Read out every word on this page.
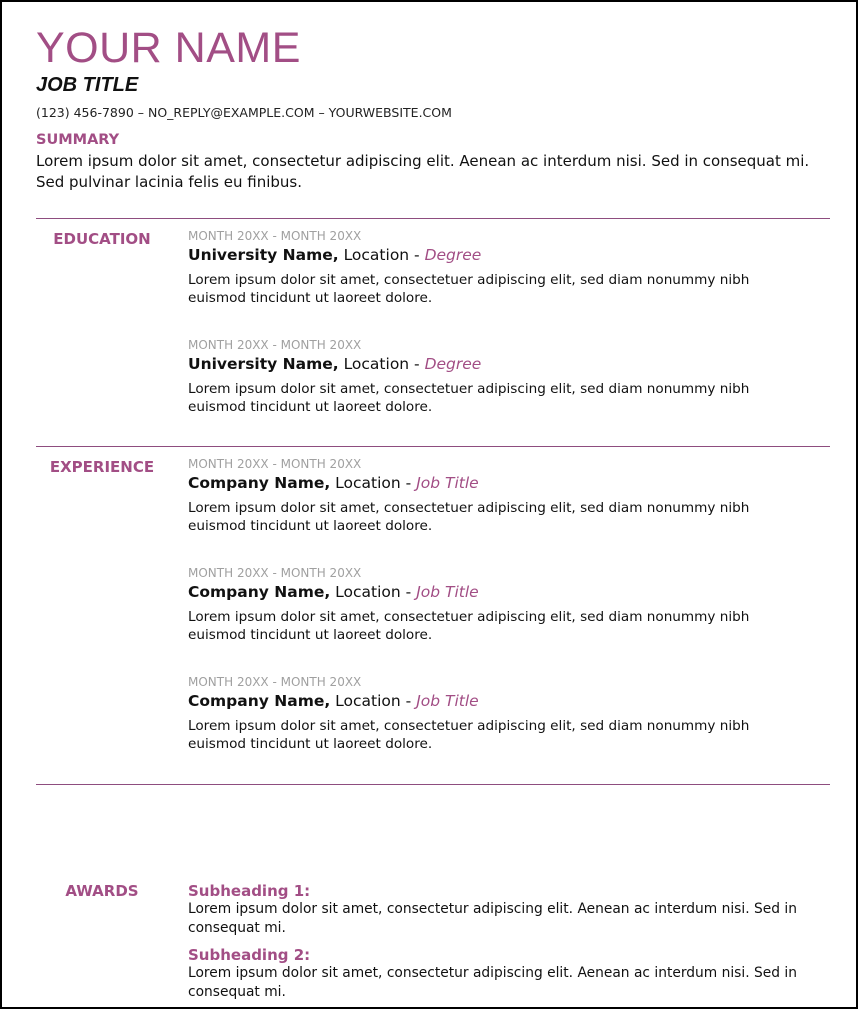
YOUR NAME
JOB TITLE
(123) 456-7890 – NO_REPLY@EXAMPLE.COM – YOURWEBSITE.COM
SUMMARY
Lorem ipsum dolor sit amet, consectetur adipiscing elit. Aenean ac interdum nisi. Sed in consequat mi. Sed pulvinar lacinia felis eu finibus.
EDUCATION	MONTH 20XX - MONTH 20XX
University Name, Location - Degree
Lorem ipsum dolor sit amet, consectetuer adipiscing elit, sed diam nonummy nibh euismod tincidunt ut laoreet dolore.
MONTH 20XX - MONTH 20XX
University Name, Location - Degree
Lorem ipsum dolor sit amet, consectetuer adipiscing elit, sed diam nonummy nibh euismod tincidunt ut laoreet dolore.
EXPERIENCE	MONTH 20XX - MONTH 20XX
Company Name, Location - Job Title
Lorem ipsum dolor sit amet, consectetuer adipiscing elit, sed diam nonummy nibh euismod tincidunt ut laoreet dolore.
MONTH 20XX - MONTH 20XX
Company Name, Location - Job Title
Lorem ipsum dolor sit amet, consectetuer adipiscing elit, sed diam nonummy nibh euismod tincidunt ut laoreet dolore.
MONTH 20XX - MONTH 20XX
Company Name, Location - Job Title
Lorem ipsum dolor sit amet, consectetuer adipiscing elit, sed diam nonummy nibh euismod tincidunt ut laoreet dolore.
AWARDS	Subheading 1:
Lorem ipsum dolor sit amet, consectetur adipiscing elit. Aenean ac interdum nisi. Sed in consequat mi.
Subheading 2:
Lorem ipsum dolor sit amet, consectetur adipiscing elit. Aenean ac interdum nisi. Sed in consequat mi.
